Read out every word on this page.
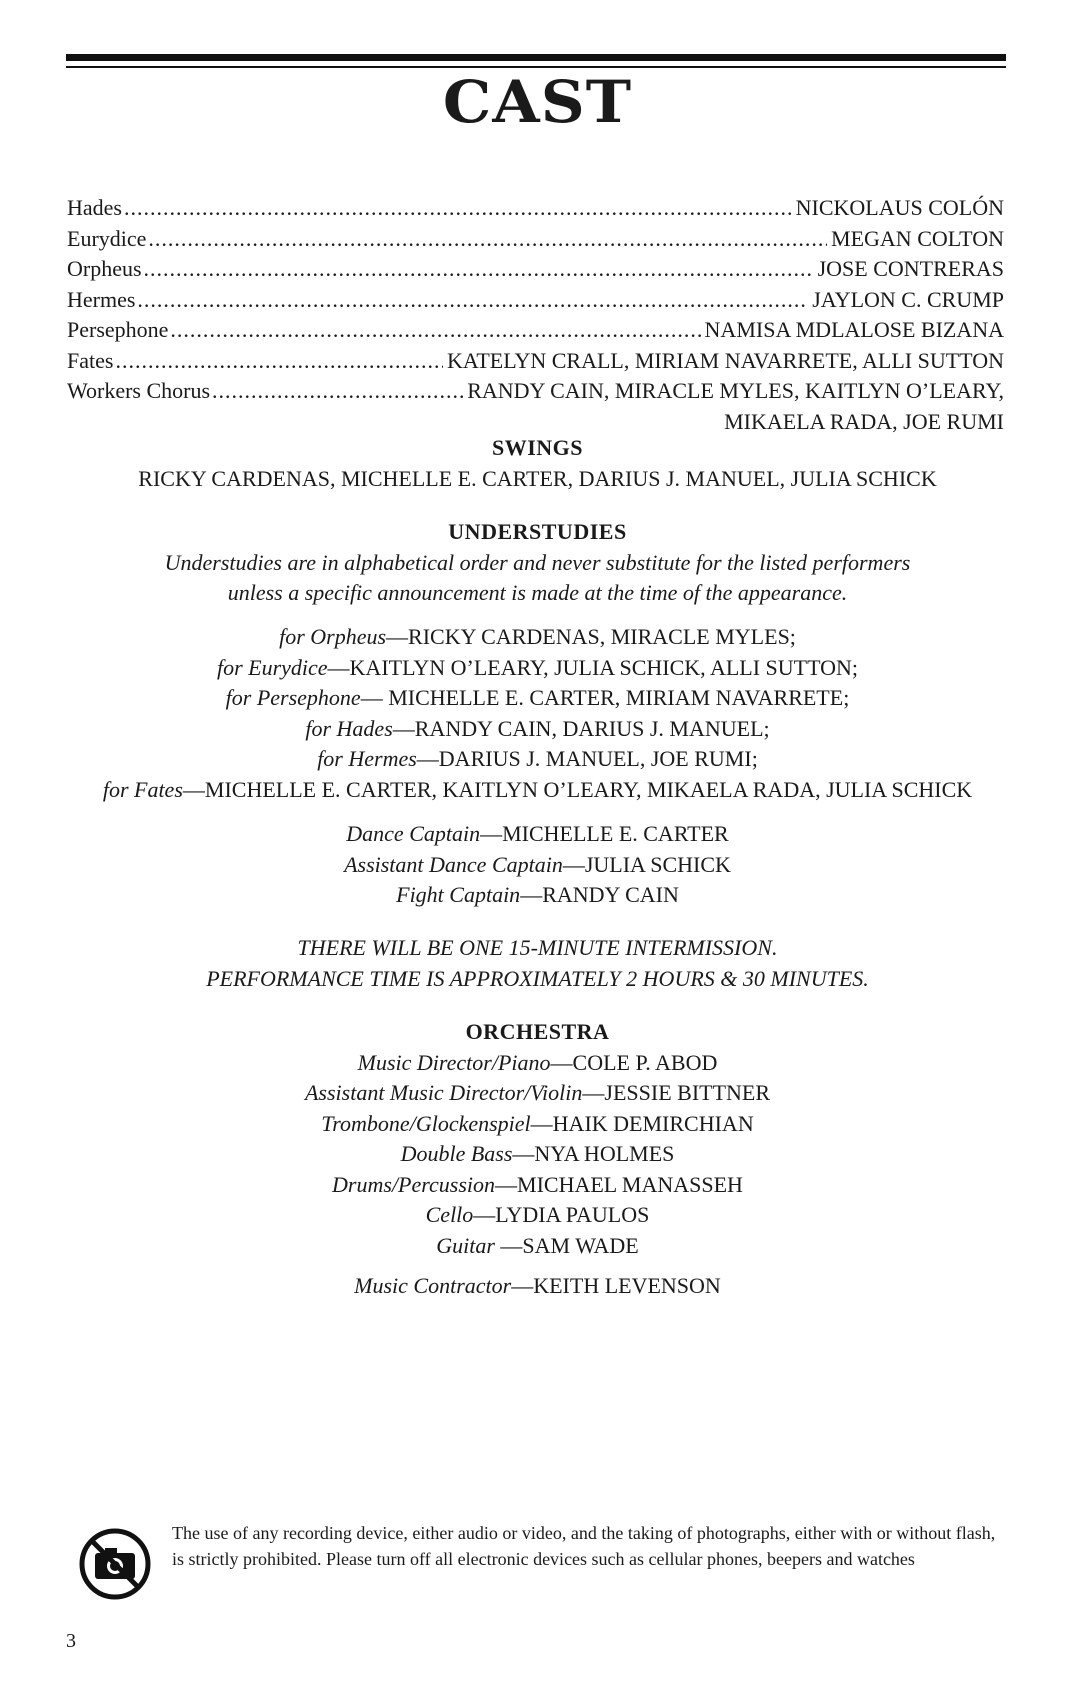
CAST
Hades .....	NICKOLAUS COLÓN
Eurydice .....	MEGAN COLTON
Orpheus .....	JOSE CONTRERAS
Hermes .....	JAYLON C. CRUMP
Persephone .....	NAMISA MDLALOSE BIZANA
Fates .....	KATELYN CRALL, MIRIAM NAVARRETE, ALLI SUTTON
Workers Chorus .....	RANDY CAIN, MIRACLE MYLES, KAITLYN O’LEARY,
MIKAELA RADA, JOE RUMI
SWINGS
RICKY CARDENAS, MICHELLE E. CARTER, DARIUS J. MANUEL, JULIA SCHICK
UNDERSTUDIES
Understudies are in alphabetical order and never substitute for the listed performers
unless a specific announcement is made at the time of the appearance.
for Orpheus—RICKY CARDENAS, MIRACLE MYLES;
for Eurydice—KAITLYN O’LEARY, JULIA SCHICK, ALLI SUTTON;
for Persephone— MICHELLE E. CARTER, MIRIAM NAVARRETE;
for Hades—RANDY CAIN, DARIUS J. MANUEL;
for Hermes—DARIUS J. MANUEL, JOE RUMI;
for Fates—MICHELLE E. CARTER, KAITLYN O’LEARY, MIKAELA RADA, JULIA SCHICK
Dance Captain—MICHELLE E. CARTER
Assistant Dance Captain—JULIA SCHICK
Fight Captain—RANDY CAIN
THERE WILL BE ONE 15-MINUTE INTERMISSION.
PERFORMANCE TIME IS APPROXIMATELY 2 HOURS & 30 MINUTES.
ORCHESTRA
Music Director/Piano—COLE P. ABOD
Assistant Music Director/Violin—JESSIE BITTNER
Trombone/Glockenspiel—HAIK DEMIRCHIAN
Double Bass—NYA HOLMES
Drums/Percussion—MICHAEL MANASSEH
Cello—LYDIA PAULOS
Guitar —SAM WADE
Music Contractor—KEITH LEVENSON
The use of any recording device, either audio or video, and the taking of photographs, either with or without flash, is strictly prohibited. Please turn off all electronic devices such as cellular phones, beepers and watches
3
